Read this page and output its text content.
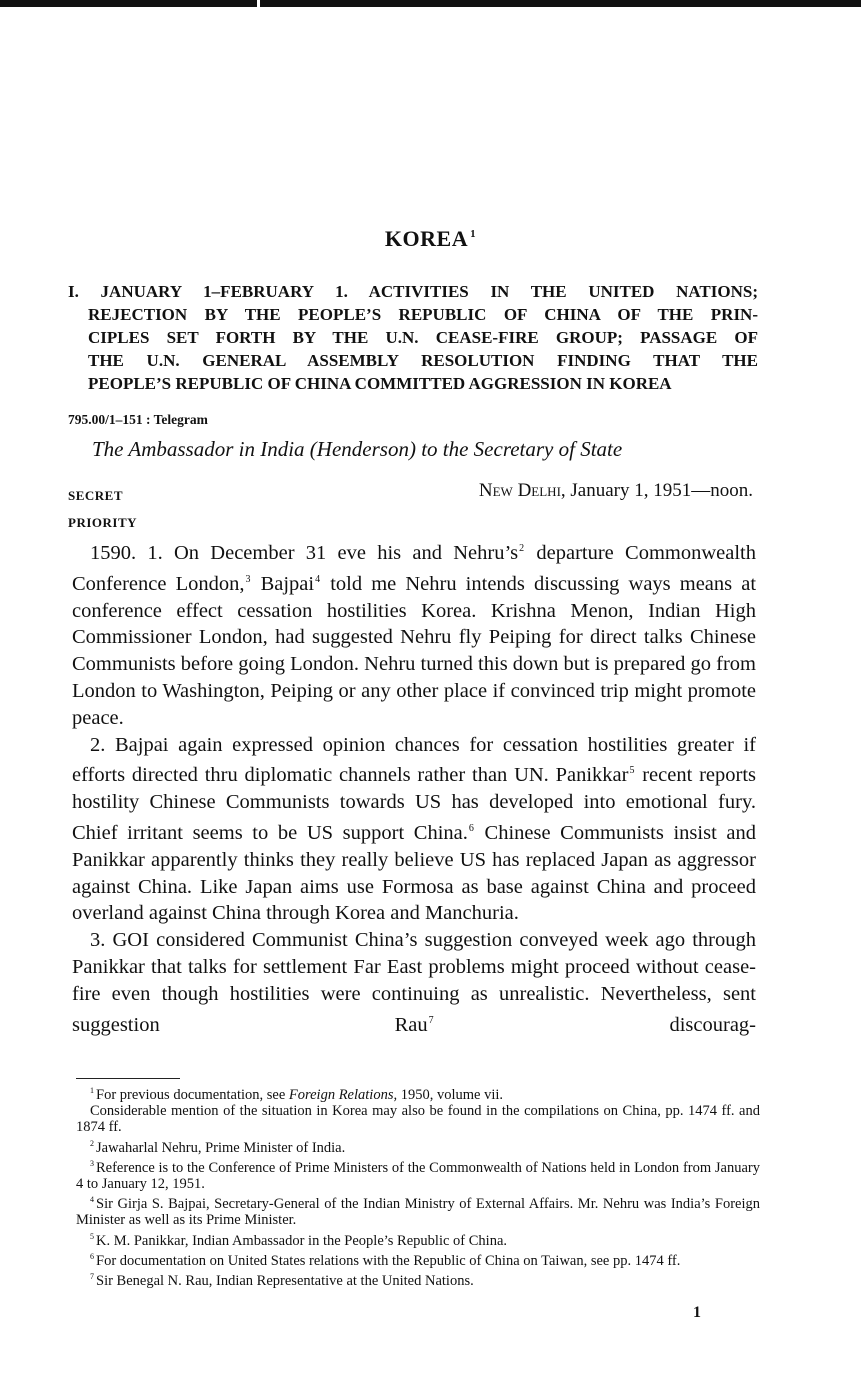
KOREA $^1$
I. JANUARY 1–FEBRUARY 1. ACTIVITIES IN THE UNITED NATIONS;
REJECTION BY THE PEOPLE’S REPUBLIC OF CHINA OF THE PRIN-
CIPLES SET FORTH BY THE U.N. CEASE-FIRE GROUP; PASSAGE OF
THE U.N. GENERAL ASSEMBLY RESOLUTION FINDING THAT THE
PEOPLE’S REPUBLIC OF CHINA COMMITTED AGGRESSION IN KOREA
795.00/1–151 : Telegram
The Ambassador in India (Henderson) to the Secretary of State
SECRET
PRIORITY
New Delhi, January 1, 1951—noon.

1590. 1. On December 31 eve his and $Nehru’s^2$ departure Commonwealth Conference London,$^3$ Bajpai$^4$ told me Nehru intends discussing ways means at conference effect cessation hostilities Korea. Krishna Menon, Indian High Commissioner London, had suggested Nehru fly Peiping for direct talks Chinese Communists before going London. Nehru turned this down but is prepared go from London to Washington, Peiping or any other place if convinced trip might promote peace.

2. Bajpai again expressed opinion chances for cessation hostilities greater if efforts directed thru diplomatic channels rather than UN. Panikkar$^5$ recent reports hostility Chinese Communists towards US has developed into emotional fury. Chief irritant seems to be US support China.$^6$ Chinese Communists insist and Panikkar apparently thinks they really believe US has replaced Japan as aggressor against China. Like Japan aims use Formosa as base against China and proceed overland against China through Korea and Manchuria.

3. GOI considered Communist China’s suggestion conveyed week ago through Panikkar that talks for settlement Far East problems might proceed without cease-fire even though hostilities were continuing as unrealistic. Nevertheless, sent suggestion Rau$^7$ discourag-

$^1$ For previous documentation, see Foreign Relations, 1950, volume vii.

Considerable mention of the situation in Korea may also be found in the compilations on China, pp. 1474 ff. and 1874 ff.

$^2$ Jawaharlal Nehru, Prime Minister of India.

$^3$ Reference is to the Conference of Prime Ministers of the Commonwealth of Nations held in London from January 4 to January 12, 1951.

$^4$ Sir Girja S. Bajpai, Secretary-General of the Indian Ministry of External Affairs. Mr. Nehru was India’s Foreign Minister as well as its Prime Minister.

$^5$ K. M. Panikkar, Indian Ambassador in the People’s Republic of China.

$^6$ For documentation on United States relations with the Republic of China on Taiwan, see pp. 1474 ff.

$^7$ Sir Benegal N. Rau, Indian Representative at the United Nations.

1
